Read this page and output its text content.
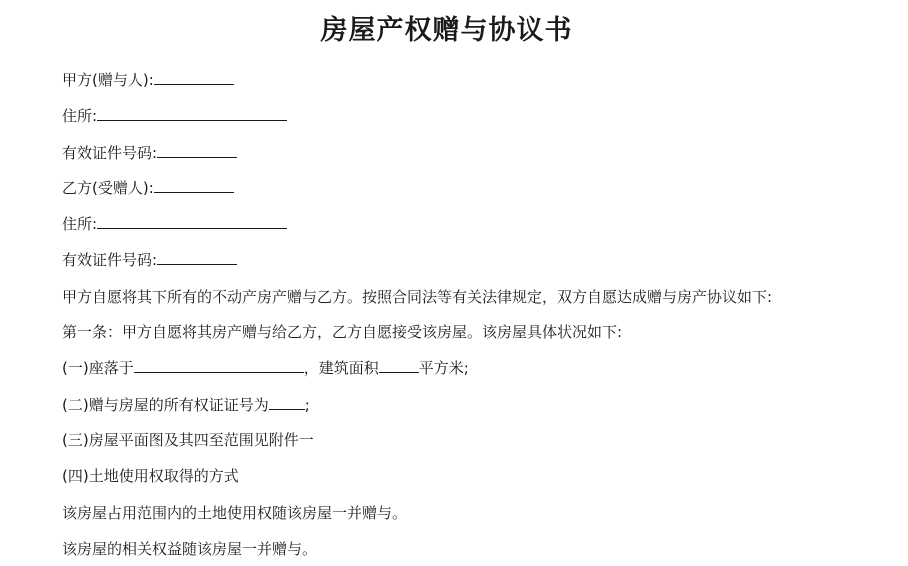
房屋产权赠与协议书
甲方(赠与人):
住所:
有效证件号码:
乙方(受赠人):
住所:
有效证件号码:
甲方自愿将其下所有的不动产房产赠与乙方。按照合同法等有关法律规定，双方自愿达成赠与房产协议如下:
第一条：甲方自愿将其房产赠与给乙方，乙方自愿接受该房屋。该房屋具体状况如下:
(一)座落于	，建筑面积	平方米;
(二)赠与房屋的所有权证证号为 ;
(三)房屋平面图及其四至范围见附件一
(四)土地使用权取得的方式
该房屋占用范围内的土地使用权随该房屋一并赠与。
该房屋的相关权益随该房屋一并赠与。
